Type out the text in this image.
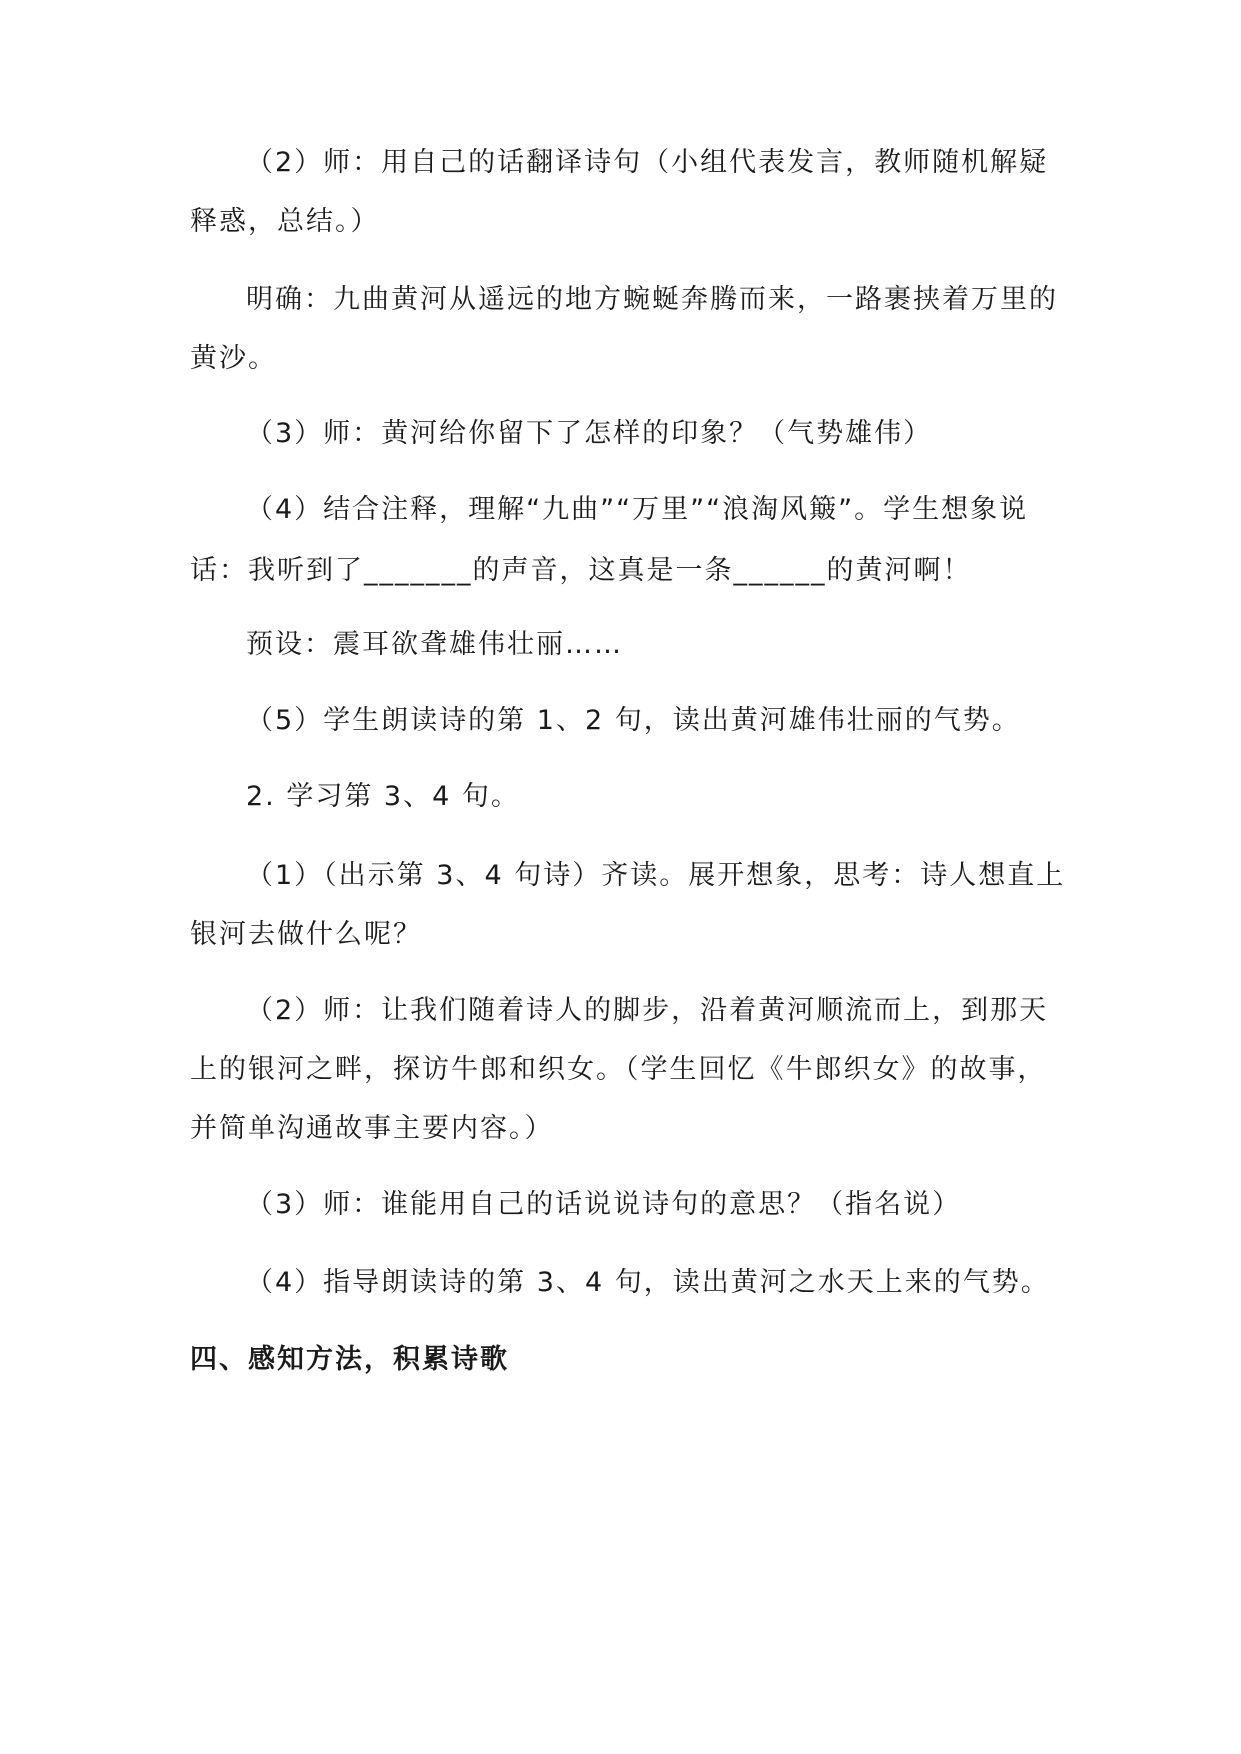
（2）师：用自己的话翻译诗句（小组代表发言，教师随机解疑
释惑，总结。）
明确：九曲黄河从遥远的地方蜿蜒奔腾而来，一路裹挟着万里的
黄沙。
（3）师：黄河给你留下了怎样的印象？（气势雄伟）
（4）结合注释，理解“九曲”“万里”“浪淘风簸”。学生想象说
话：我听到了_______的声音，这真是一条______的黄河啊！
预设：震耳欲聋雄伟壮丽……
（5）学生朗读诗的第 1、2 句，读出黄河雄伟壮丽的气势。
2. 学习第 3、4 句。
（1）（出示第 3、4 句诗）齐读。展开想象，思考：诗人想直上
银河去做什么呢？
（2）师：让我们随着诗人的脚步，沿着黄河顺流而上，到那天
上的银河之畔，探访牛郎和织女。（学生回忆《牛郎织女》的故事，
并简单沟通故事主要内容。）
（3）师：谁能用自己的话说说诗句的意思？（指名说）
（4）指导朗读诗的第 3、4 句，读出黄河之水天上来的气势。
四、感知方法，积累诗歌
